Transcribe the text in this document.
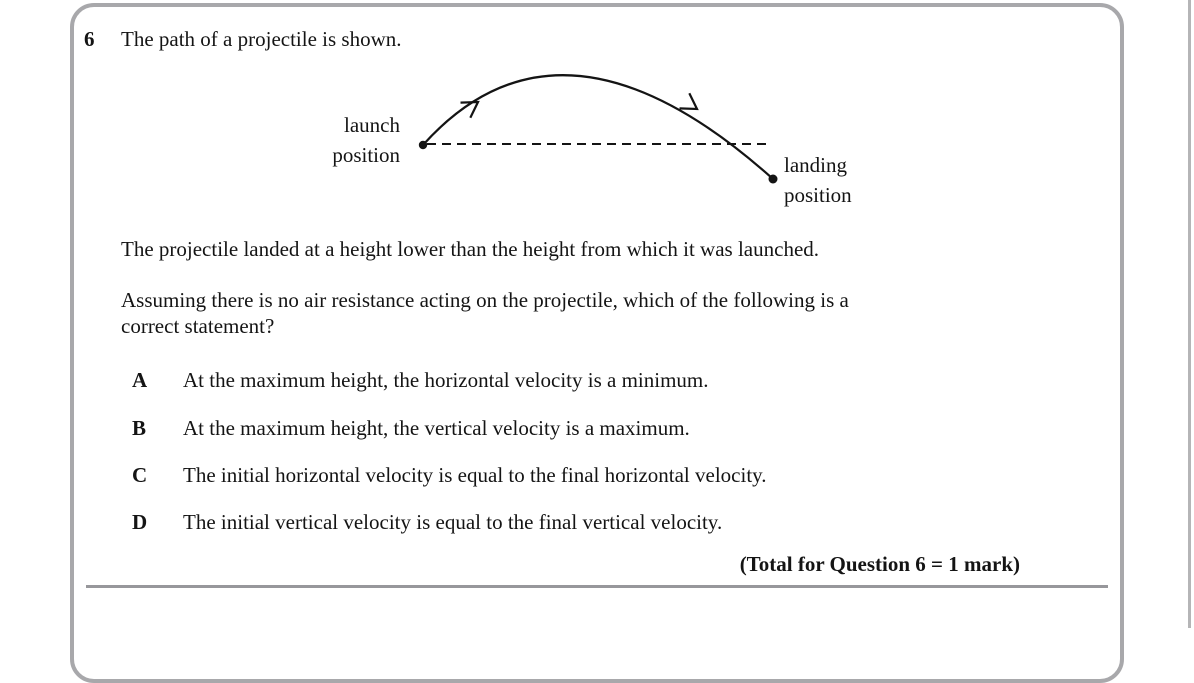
6 The path of a projectile is shown.
launch
position	landing
position
The projectile landed at a height lower than the height from which it was launched.
Assuming there is no air resistance acting on the projectile, which of the following is a
correct statement?
A At the maximum height, the horizontal velocity is a minimum.
B At the maximum height, the vertical velocity is a maximum.
C The initial horizontal velocity is equal to the final horizontal velocity.
D The initial vertical velocity is equal to the final vertical velocity.
(Total for Question 6 = 1 mark)
